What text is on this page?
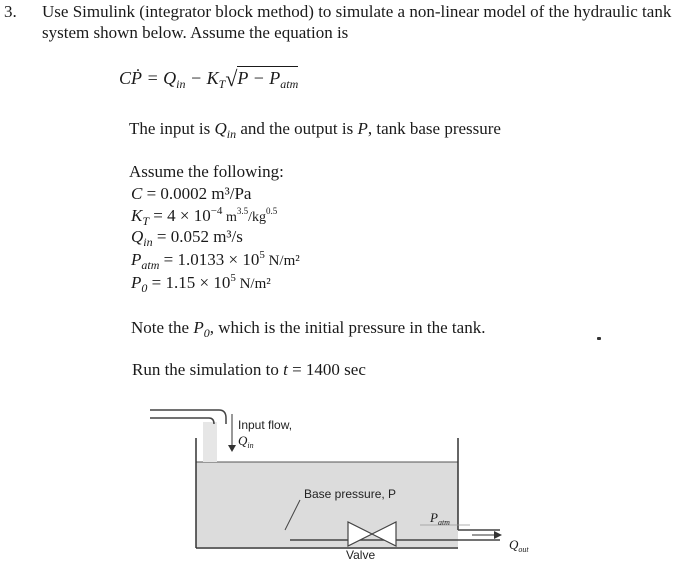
3. Use Simulink (integrator block method) to simulate a non-linear model of the hydraulic tank
system shown below. Assume the equation is
CṖ = $Q_{in} - K_T√P - P_{atm}$
The input is $Q_{in}$ and the output is P, tank base pressure
Assume the following:
C = 0.0002 m³/Pa
$K_T = 4 \times 10^{-4}$ $m^{3.5}/kg^{0.5}$
$Q_{in} = 0.052$ m³/s
$P_{atm} = 1.0133 \times 10^5$ N/m²
$P_0 = 1.15 \times 10^5$ N/m²
Note the $P_0$, which is the initial pressure in the tank.
Run the simulation to t = 1400 sec
Input flow,
$Q_{in}$
Base pressure, P
$P_{atm}$
Valve
$Q_{out}$
